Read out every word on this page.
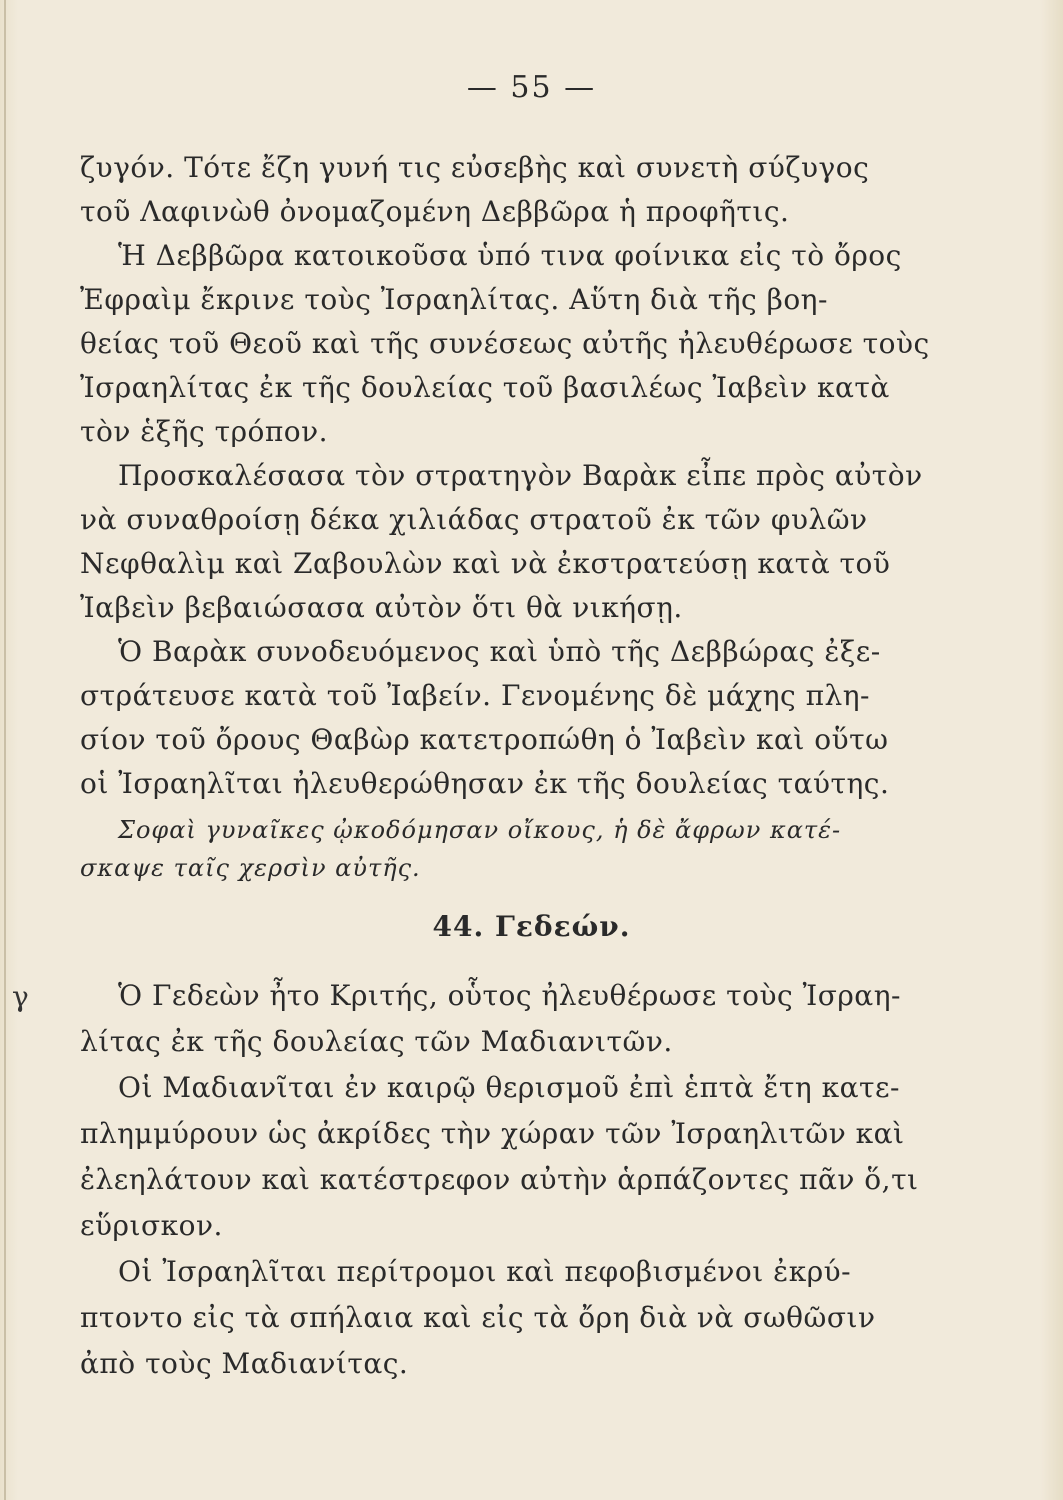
— 55 —
ζυγόν. Τότε ἔζη γυνή τις εὐσεβὴς καὶ συνετὴ σύζυγος
τοῦ Λαφινὼθ ὀνομαζομένη Δεββῶρα ἡ προφῆτις.
Ἡ Δεββῶρα κατοικοῦσα ὑπό τινα φοίνικα εἰς τὸ ὄρος
Ἐφραὶμ ἔκρινε τοὺς Ἰσραηλίτας. Αὕτη διὰ τῆς βοη-
θείας τοῦ Θεοῦ καὶ τῆς συνέσεως αὐτῆς ἠλευθέρωσε τοὺς
Ἰσραηλίτας ἐκ τῆς δουλείας τοῦ βασιλέως Ἰαβεὶν κατὰ
τὸν ἑξῆς τρόπον.
Προσκαλέσασα τὸν στρατηγὸν Βαρὰκ εἶπε πρὸς αὐτὸν
νὰ συναθροίσῃ δέκα χιλιάδας στρατοῦ ἐκ τῶν φυλῶν
Νεφθαλὶμ καὶ Ζαβουλὼν καὶ νὰ ἐκστρατεύσῃ κατὰ τοῦ
Ἰαβεὶν βεβαιώσασα αὐτὸν ὅτι θὰ νικήσῃ.
Ὁ Βαρὰκ συνοδευόμενος καὶ ὑπὸ τῆς Δεββώρας ἐξε-
στράτευσε κατὰ τοῦ Ἰαβείν. Γενομένης δὲ μάχης πλη-
σίον τοῦ ὄρους Θαβὼρ κατετροπώθη ὁ Ἰαβεὶν καὶ οὕτω
οἱ Ἰσραηλῖται ἠλευθερώθησαν ἐκ τῆς δουλείας ταύτης.
Σοφαὶ γυναῖκες ᾠκοδόμησαν οἴκους, ἡ δὲ ἄφρων κατέ-
σκαψε ταῖς χερσὶν αὐτῆς.
44. Γεδεών.
Ὁ Γεδεὼν ἦτο Κριτής, οὗτος ἠλευθέρωσε τοὺς Ἰσραη-
λίτας ἐκ τῆς δουλείας τῶν Μαδιανιτῶν.
Οἱ Μαδιανῖται ἐν καιρῷ θερισμοῦ ἐπὶ ἑπτὰ ἔτη κατε-
πλημμύρουν ὡς ἀκρίδες τὴν χώραν τῶν Ἰσραηλιτῶν καὶ
ἐλεηλάτουν καὶ κατέστρεφον αὐτὴν ἁρπάζοντες πᾶν ὅ,τι
εὕρισκον.
Οἱ Ἰσραηλῖται περίτρομοι καὶ πεφοβισμένοι ἐκρύ-
πτοντο εἰς τὰ σπήλαια καὶ εἰς τὰ ὄρη διὰ νὰ σωθῶσιν
ἀπὸ τοὺς Μαδιανίτας.
γ
